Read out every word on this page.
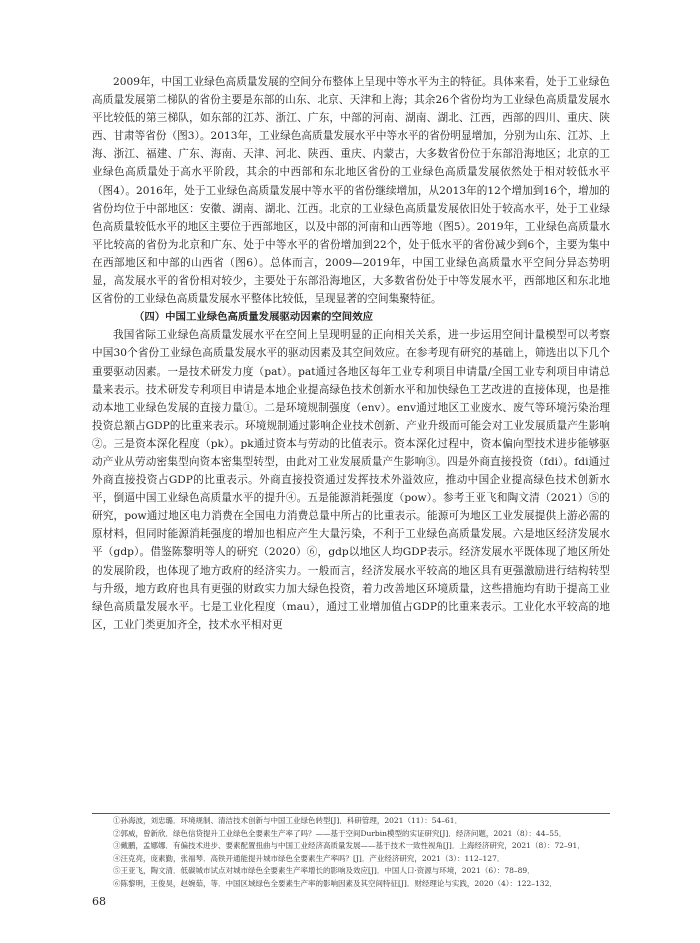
2009年，中国工业绿色高质量发展的空间分布整体上呈现中等水平为主的特征。具体来看，处于工业绿色高质量发展第二梯队的省份主要是东部的山东、北京、天津和上海；其余26个省份均为工业绿色高质量发展水平比较低的第三梯队，如东部的江苏、浙江、广东，中部的河南、湖南、湖北、江西，西部的四川、重庆、陕西、甘肃等省份（图3）。2013年，工业绿色高质量发展水平中等水平的省份明显增加，分别为山东、江苏、上海、浙江、福建、广东、海南、天津、河北、陕西、重庆、内蒙古，大多数省份位于东部沿海地区；北京的工业绿色高质量处于高水平阶段，其余的中西部和东北地区省份的工业绿色高质量发展依然处于相对较低水平（图4）。2016年，处于工业绿色高质量发展中等水平的省份继续增加，从2013年的12个增加到16个，增加的省份均位于中部地区：安徽、湖南、湖北、江西。北京的工业绿色高质量发展依旧处于较高水平，处于工业绿色高质量较低水平的地区主要位于西部地区，以及中部的河南和山西等地（图5）。2019年，工业绿色高质量水平比较高的省份为北京和广东、处于中等水平的省份增加到22个，处于低水平的省份减少到6个，主要为集中在西部地区和中部的山西省（图6）。总体而言，2009—2019年，中国工业绿色高质量水平空间分异态势明显，高发展水平的省份相对较少，主要处于东部沿海地区，大多数省份处于中等发展水平，西部地区和东北地区省份的工业绿色高质量发展水平整体比较低，呈现显著的空间集聚特征。

（四）中国工业绿色高质量发展驱动因素的空间效应

我国省际工业绿色高质量发展水平在空间上呈现明显的正向相关关系，进一步运用空间计量模型可以考察中国30个省份工业绿色高质量发展水平的驱动因素及其空间效应。在参考现有研究的基础上，筛选出以下几个重要驱动因素。一是技术研发力度（pat）。pat通过各地区每年工业专利项目申请量/全国工业专利项目申请总量来表示。技术研发专利项目申请是本地企业提高绿色技术创新水平和加快绿色工艺改进的直接体现，也是推动本地工业绿色发展的直接力量①。二是环境规制强度（env）。env通过地区工业废水、废气等环境污染治理投资总额占GDP的比重来表示。环境规制通过影响企业技术创新、产业升级而可能会对工业发展质量产生影响②。三是资本深化程度（pk）。pk通过资本与劳动的比值表示。资本深化过程中，资本偏向型技术进步能够驱动产业从劳动密集型向资本密集型转型，由此对工业发展质量产生影响③。四是外商直接投资（fdi）。fdi通过外商直接投资占GDP的比重表示。外商直接投资通过发挥技术外溢效应，推动中国企业提高绿色技术创新水平，倒逼中国工业绿色高质量水平的提升④。五是能源消耗强度（pow）。参考王亚飞和陶文清（2021）⑤的研究，pow通过地区电力消费在全国电力消费总量中所占的比重表示。能源可为地区工业发展提供上游必需的原材料，但同时能源消耗强度的增加也相应产生大量污染，不利于工业绿色高质量发展。六是地区经济发展水平（gdp）。借鉴陈黎明等人的研究（2020）⑥，gdp以地区人均GDP表示。经济发展水平既体现了地区所处的发展阶段，也体现了地方政府的经济实力。一般而言，经济发展水平较高的地区具有更强激励进行结构转型与升级，地方政府也具有更强的财政实力加大绿色投资，着力改善地区环境质量，这些措施均有助于提高工业绿色高质量发展水平。七是工业化程度（mau），通过工业增加值占GDP的比重来表示。工业化水平较高的地区，工业门类更加齐全，技术水平相对更

①孙海波，刘忠璐．环境规制、清洁技术创新与中国工业绿色转型[J]．科研管理，2021（11）：54–61．

②郭威，曾新欣．绿色信贷提升工业绿色全要素生产率了吗？——基于空间Durbin模型的实证研究[J]．经济问题，2021（8）：44–55．

③戴鹏，孟娜娜．有偏技术进步、要素配置扭曲与中国工业经济高质量发展——基于技术一致性视角[J]．上海经济研究，2021（8）：72–91．

④汪克亮，庞素勤，张福琴．高铁开通能提升城市绿色全要素生产率吗？[J]．产业经济研究，2021（3）：112–127．

⑤王亚飞，陶文清．低碳城市试点对城市绿色全要素生产率增长的影响及效应[J]．中国人口·资源与环境，2021（6）：78–89．

⑥陈黎明，王俊昊，赵婉茹，等．中国区域绿色全要素生产率的影响因素及其空间特征[J]．财经理论与实践，2020（4）：122–132．

68
